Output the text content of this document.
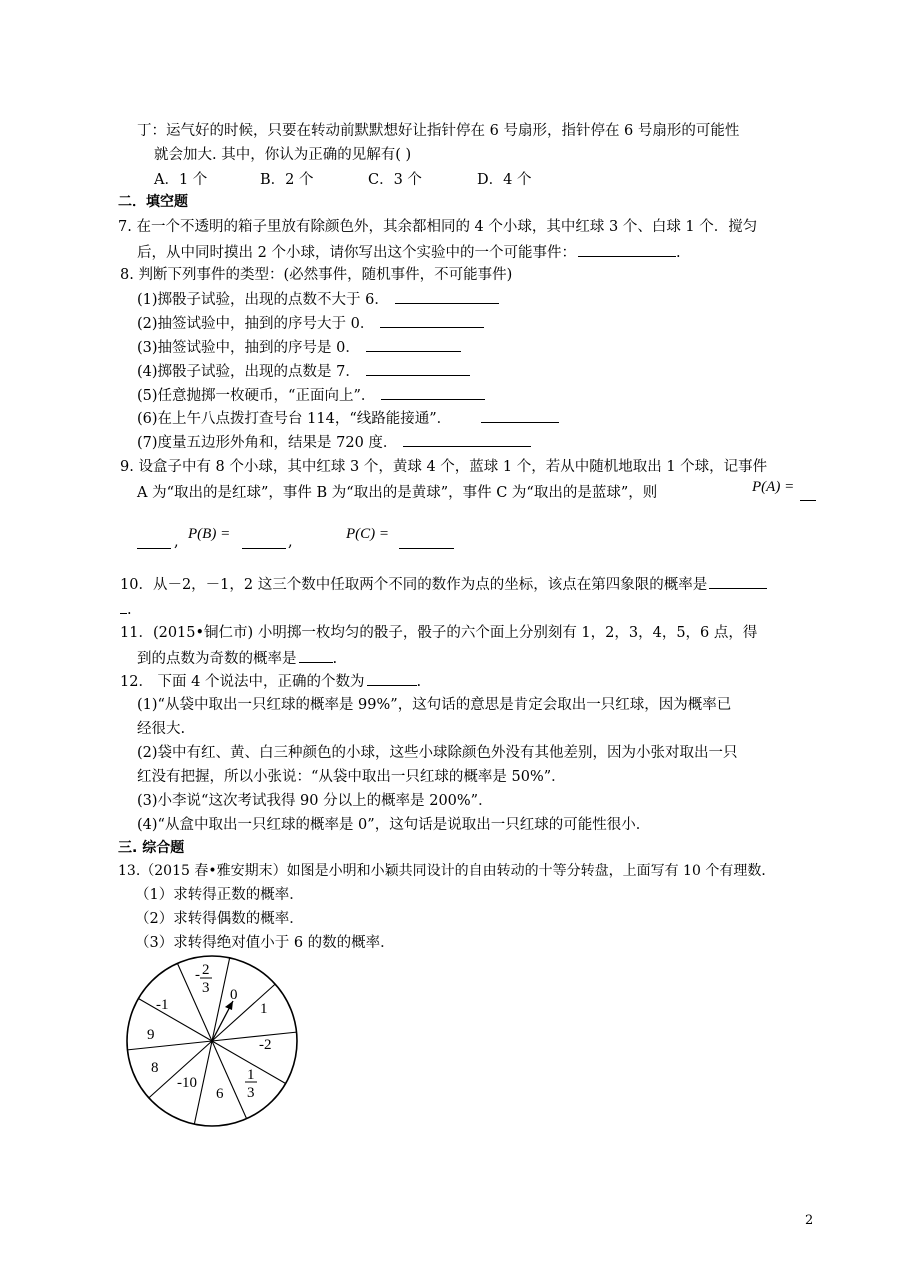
丁：运气好的时候，只要在转动前默默想好让指针停在 6 号扇形，指针停在 6 号扇形的可能性
就会加大. 其中，你认为正确的见解有( )
A．1 个	B．2 个	C．3 个	D．4 个
二．填空题
7. 在一个不透明的箱子里放有除颜色外，其余都相同的 4 个小球，其中红球 3 个、白球 1 个．搅匀
后，从中同时摸出 2 个小球，请你写出这个实验中的一个可能事件：	.
8. 判断下列事件的类型：(必然事件，随机事件，不可能事件)
(1)掷骰子试验，出现的点数不大于 6．
(2)抽签试验中，抽到的序号大于 0．
(3)抽签试验中，抽到的序号是 0．
(4)掷骰子试验，出现的点数是 7．
(5)任意抛掷一枚硬币，“正面向上”．
(6)在上午八点拨打查号台 114，“线路能接通”．
(7)度量五边形外角和，结果是 720 度．
9. 设盒子中有 8 个小球，其中红球 3 个，黄球 4 个，蓝球 1 个，若从中随机地取出 1 个球，记事件
A 为“取出的是红球”，事件 B 为“取出的是黄球”，事件 C 为“取出的是蓝球”，则	P(A) =
, P(B) =	,	P(C) =
10．从－2，－1，2 这三个数中任取两个不同的数作为点的坐标，该点在第四象限的概率是
.
11．(2015•铜仁市) 小明掷一枚均匀的骰子，骰子的六个面上分别刻有 1，2，3，4，5，6 点，得
到的点数为奇数的概率是 .
12． 下面 4 个说法中，正确的个数为	.
(1)“从袋中取出一只红球的概率是 99%”，这句话的意思是肯定会取出一只红球，因为概率已
经很大.
(2)袋中有红、黄、白三种颜色的小球，这些小球除颜色外没有其他差别，因为小张对取出一只
红没有把握，所以小张说：“从袋中取出一只红球的概率是 50%”．
(3)小李说“这次考试我得 90 分以上的概率是 200%”．
(4)“从盒中取出一只红球的概率是 0”，这句话是说取出一只红球的可能性很小．
三. 综合题
13.（2015 春•雅安期末）如图是小明和小颖共同设计的自由转动的十等分转盘，上面写有 10 个有理数．
（1）求转得正数的概率．
（2）求转得偶数的概率．
（3）求转得绝对值小于 6 的数的概率．
0
1
-2
1
3
6
-10
8
9
-1
- 2
3
2
